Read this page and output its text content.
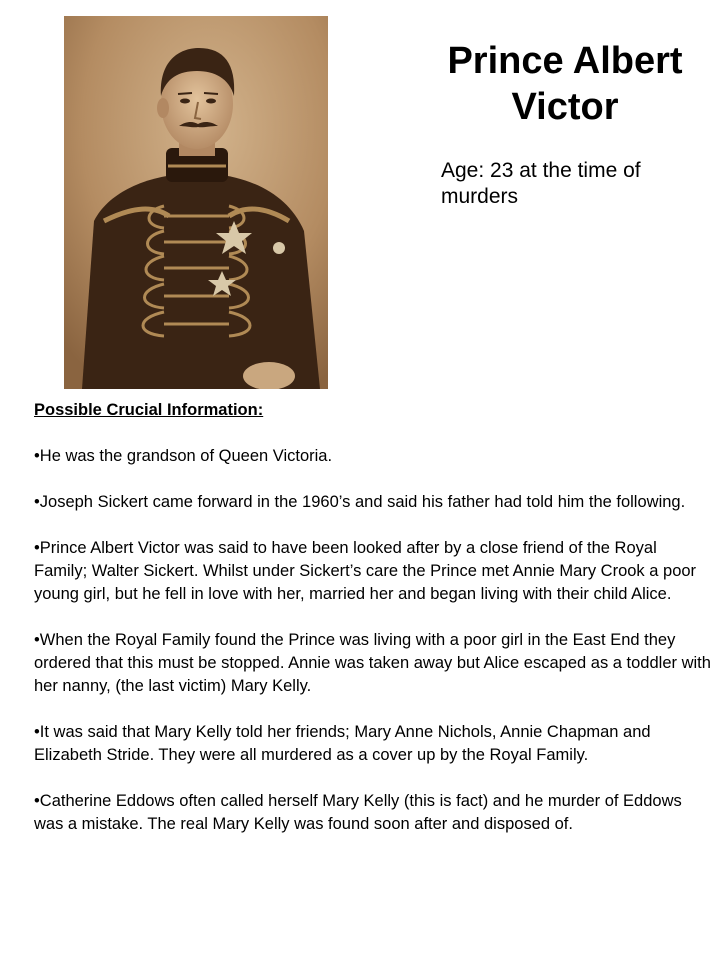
Prince Albert Victor

Age: 23 at the time of murders

Possible Crucial Information:

•He was the grandson of Queen Victoria.

•Joseph Sickert came forward in the 1960’s and said his father had told him the following.

•Prince Albert Victor was said to have been looked after by a close friend of the Royal Family; Walter Sickert. Whilst under Sickert’s care the Prince met Annie Mary Crook a poor young girl, but he fell in love with her, married her and began living with their child Alice.

•When the Royal Family found the Prince was living with a poor girl in the East End they ordered that this must be stopped. Annie was taken away but Alice escaped as a toddler with her nanny, (the last victim) Mary Kelly.

•It was said that Mary Kelly told her friends; Mary Anne Nichols, Annie Chapman and Elizabeth Stride. They were all murdered as a cover up by the Royal Family.

•Catherine Eddows often called herself Mary Kelly (this is fact) and he murder of Eddows was a mistake. The real Mary Kelly was found soon after and disposed of.
